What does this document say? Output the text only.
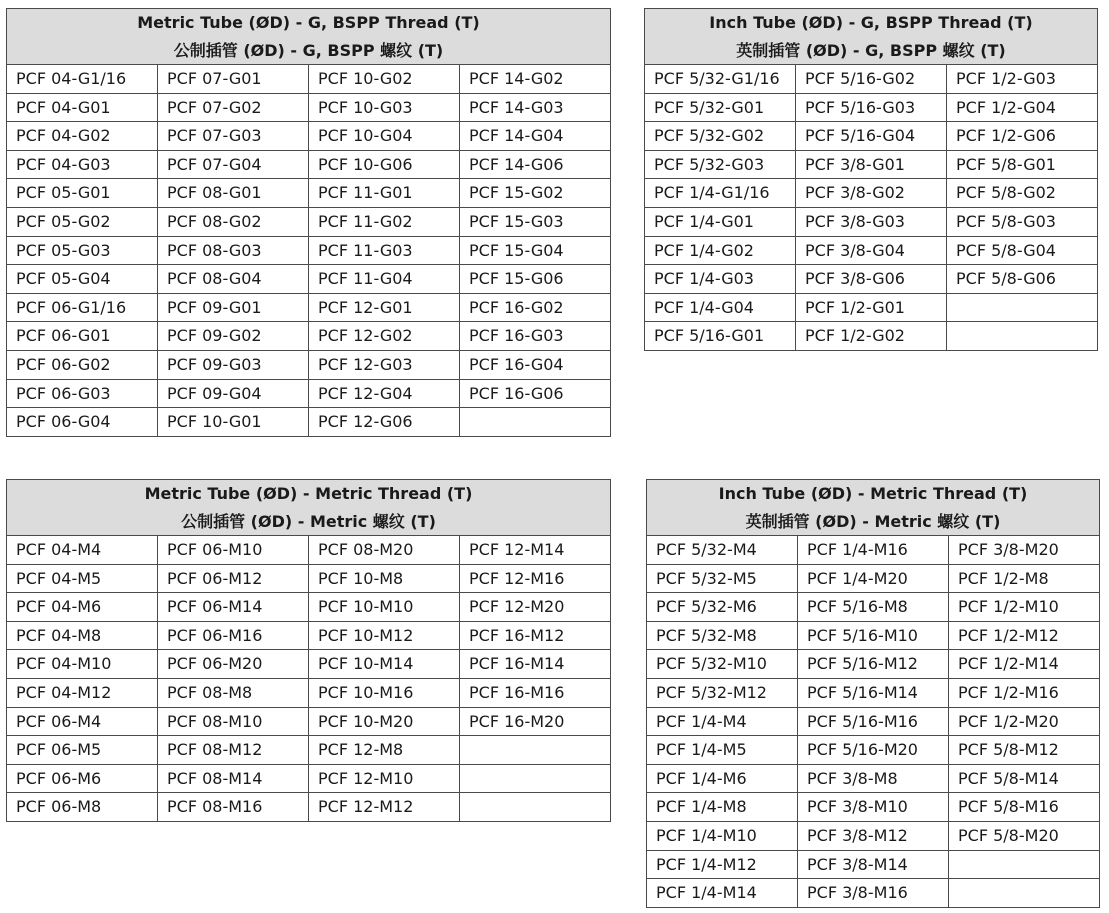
Metric Tube (ØD) - G, BSPP Thread (T)
公制插管 (ØD) - G, BSPP 螺纹 (T)			

PCF 04-G1/16	PCF 07-G01	PCF 10-G02	PCF 14-G02
PCF 04-G01	PCF 07-G02	PCF 10-G03	PCF 14-G03
PCF 04-G02	PCF 07-G03	PCF 10-G04	PCF 14-G04
PCF 04-G03	PCF 07-G04	PCF 10-G06	PCF 14-G06
PCF 05-G01	PCF 08-G01	PCF 11-G01	PCF 15-G02
PCF 05-G02	PCF 08-G02	PCF 11-G02	PCF 15-G03
PCF 05-G03	PCF 08-G03	PCF 11-G03	PCF 15-G04
PCF 05-G04	PCF 08-G04	PCF 11-G04	PCF 15-G06
PCF 06-G1/16	PCF 09-G01	PCF 12-G01	PCF 16-G02
PCF 06-G01	PCF 09-G02	PCF 12-G02	PCF 16-G03
PCF 06-G02	PCF 09-G03	PCF 12-G03	PCF 16-G04
PCF 06-G03	PCF 09-G04	PCF 12-G04	PCF 16-G06
PCF 06-G04	PCF 10-G01	PCF 12-G06	
Inch Tube (ØD) - G, BSPP Thread (T)
英制插管 (ØD) - G, BSPP 螺纹 (T)		

PCF 5/32-G1/16	PCF 5/16-G02	PCF 1/2-G03
PCF 5/32-G01	PCF 5/16-G03	PCF 1/2-G04
PCF 5/32-G02	PCF 5/16-G04	PCF 1/2-G06
PCF 5/32-G03	PCF 3/8-G01	PCF 5/8-G01
PCF 1/4-G1/16	PCF 3/8-G02	PCF 5/8-G02
PCF 1/4-G01	PCF 3/8-G03	PCF 5/8-G03
PCF 1/4-G02	PCF 3/8-G04	PCF 5/8-G04
PCF 1/4-G03	PCF 3/8-G06	PCF 5/8-G06
PCF 1/4-G04	PCF 1/2-G01	
PCF 5/16-G01	PCF 1/2-G02	
Metric Tube (ØD) - Metric Thread (T)
公制插管 (ØD) - Metric 螺纹 (T)			

PCF 04-M4	PCF 06-M10	PCF 08-M20	PCF 12-M14
PCF 04-M5	PCF 06-M12	PCF 10-M8	PCF 12-M16
PCF 04-M6	PCF 06-M14	PCF 10-M10	PCF 12-M20
PCF 04-M8	PCF 06-M16	PCF 10-M12	PCF 16-M12
PCF 04-M10	PCF 06-M20	PCF 10-M14	PCF 16-M14
PCF 04-M12	PCF 08-M8	PCF 10-M16	PCF 16-M16
PCF 06-M4	PCF 08-M10	PCF 10-M20	PCF 16-M20
PCF 06-M5	PCF 08-M12	PCF 12-M8	
PCF 06-M6	PCF 08-M14	PCF 12-M10	
PCF 06-M8	PCF 08-M16	PCF 12-M12	
Inch Tube (ØD) - Metric Thread (T)
英制插管 (ØD) - Metric 螺纹 (T)		

PCF 5/32-M4	PCF 1/4-M16	PCF 3/8-M20
PCF 5/32-M5	PCF 1/4-M20	PCF 1/2-M8
PCF 5/32-M6	PCF 5/16-M8	PCF 1/2-M10
PCF 5/32-M8	PCF 5/16-M10	PCF 1/2-M12
PCF 5/32-M10	PCF 5/16-M12	PCF 1/2-M14
PCF 5/32-M12	PCF 5/16-M14	PCF 1/2-M16
PCF 1/4-M4	PCF 5/16-M16	PCF 1/2-M20
PCF 1/4-M5	PCF 5/16-M20	PCF 5/8-M12
PCF 1/4-M6	PCF 3/8-M8	PCF 5/8-M14
PCF 1/4-M8	PCF 3/8-M10	PCF 5/8-M16
PCF 1/4-M10	PCF 3/8-M12	PCF 5/8-M20
PCF 1/4-M12	PCF 3/8-M14	
PCF 1/4-M14	PCF 3/8-M16	
